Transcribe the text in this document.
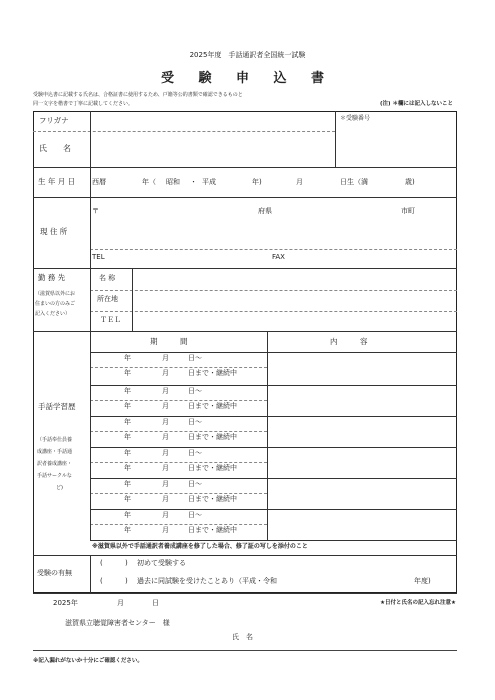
2025年度　手話通訳者全国統一試験
受 験 申 込 書
受験申込書に記載する氏名は、合格証書に使用するため、戸籍等公的書類で確認できるものと
同一文字を楷書で丁寧に記載してください。	(注) ＊欄には記入しないこと
フリガナ	＊受験番号
氏　　名
生 年 月 日 西暦	年（ 昭和 ・ 平成	年)	月	日生（満	歳)
現 住 所
〒	府県	市町
TEL	FAX
勤 務 先
（滋賀県以外にお
住まいの方のみご
記入ください）
名 称
所在地
ＴＥＬ
手話学習歴
（手話奉仕員養
成講座・手話通
訳者養成講座・
手話サークルな
ど)
期　　　間	内　　　容
年	月	日～
年	月	日まで・継続中
年	月	日～
年	月	日まで・継続中
年	月	日～
年	月	日まで・継続中
年	月	日～
年	月	日まで・継続中
年	月	日～
年	月	日まで・継続中
年	月	日～
年	月	日まで・継続中
※滋賀県以外で手話通訳者養成講座を修了した場合、修了証の写しを添付のこと
受験の有無
(	) 初めて受験する
(	) 過去に同試験を受けたことあり（平成・令和	年度)
2025年	月	日	★日付と氏名の記入忘れ注意★
滋賀県立聴覚障害者センター　様
氏　名
※記入漏れがないか十分にご確認ください。
